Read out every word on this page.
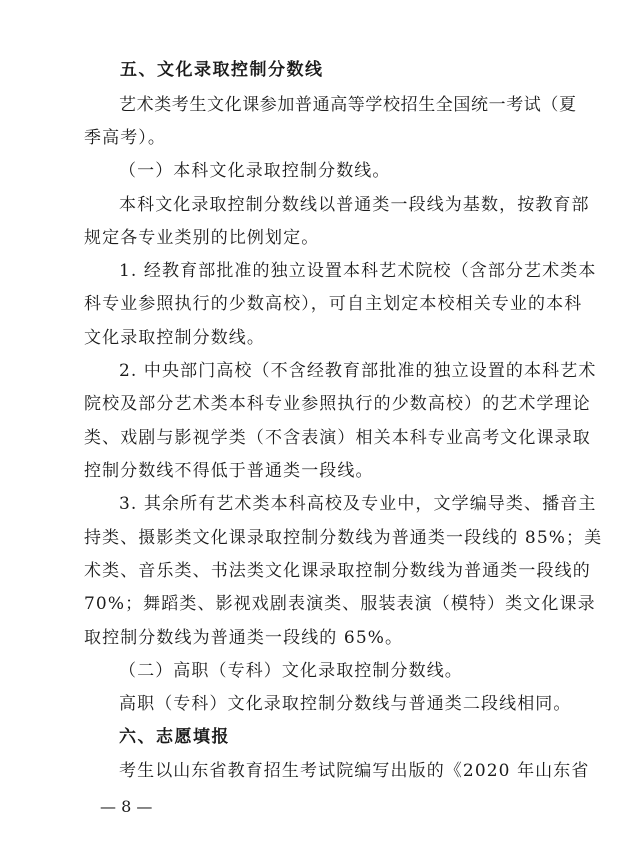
五、文化录取控制分数线
艺术类考生文化课参加普通高等学校招生全国统一考试（夏
季高考）。
（一）本科文化录取控制分数线。
本科文化录取控制分数线以普通类一段线为基数，按教育部
规定各专业类别的比例划定。
1. 经教育部批准的独立设置本科艺术院校（含部分艺术类本
科专业参照执行的少数高校），可自主划定本校相关专业的本科
文化录取控制分数线。
2. 中央部门高校（不含经教育部批准的独立设置的本科艺术
院校及部分艺术类本科专业参照执行的少数高校）的艺术学理论
类、戏剧与影视学类（不含表演）相关本科专业高考文化课录取
控制分数线不得低于普通类一段线。
3. 其余所有艺术类本科高校及专业中，文学编导类、播音主
持类、摄影类文化课录取控制分数线为普通类一段线的 85%；美
术类、音乐类、书法类文化课录取控制分数线为普通类一段线的
70%；舞蹈类、影视戏剧表演类、服装表演（模特）类文化课录
取控制分数线为普通类一段线的 65%。
（二）高职（专科）文化录取控制分数线。
高职（专科）文化录取控制分数线与普通类二段线相同。
六、志愿填报
考生以山东省教育招生考试院编写出版的《2020 年山东省
— 8 —
